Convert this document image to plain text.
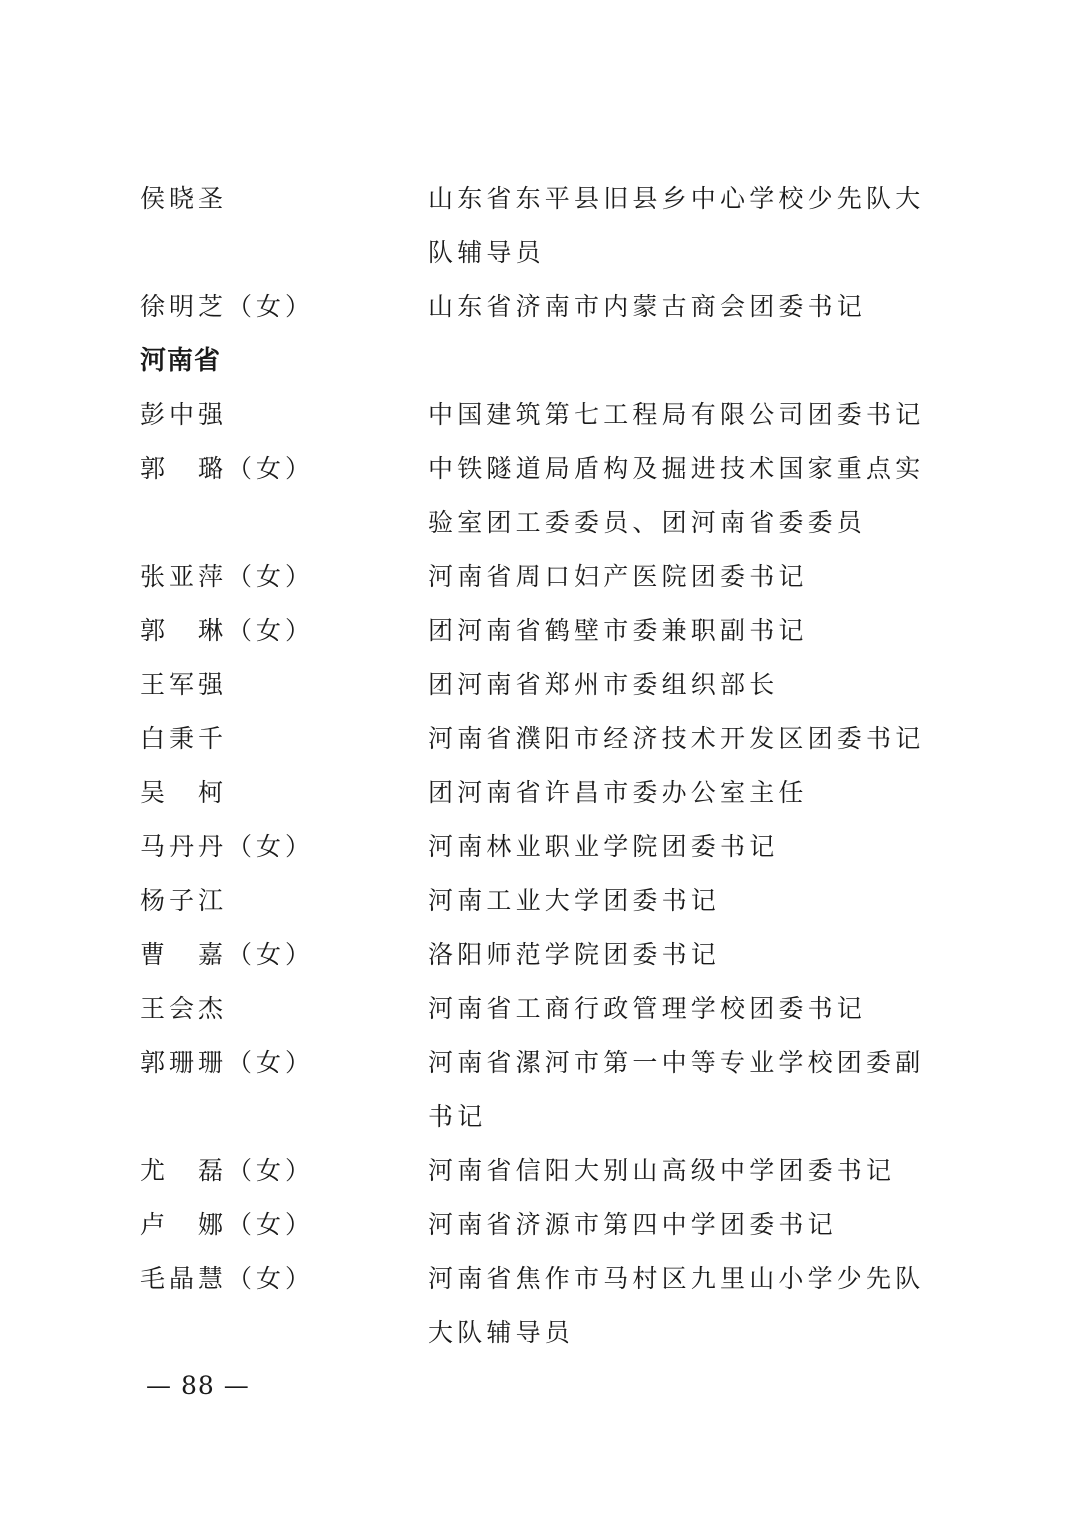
侯晓圣	山东省东平县旧县乡中心学校少先队大队辅导员
徐明芝（女）	山东省济南市内蒙古商会团委书记
河南省
彭中强	中国建筑第七工程局有限公司团委书记
郭　璐（女）	中铁隧道局盾构及掘进技术国家重点实验室团工委委员、团河南省委委员
张亚萍（女）	河南省周口妇产医院团委书记
郭　琳（女）	团河南省鹤壁市委兼职副书记
王军强	团河南省郑州市委组织部长
白秉千	河南省濮阳市经济技术开发区团委书记
吴　柯	团河南省许昌市委办公室主任
马丹丹（女）	河南林业职业学院团委书记
杨子江	河南工业大学团委书记
曹　嘉（女）	洛阳师范学院团委书记
王会杰	河南省工商行政管理学校团委书记
郭珊珊（女）	河南省漯河市第一中等专业学校团委副书记
尤　磊（女）	河南省信阳大别山高级中学团委书记
卢　娜（女）	河南省济源市第四中学团委书记
毛晶慧（女）	河南省焦作市马村区九里山小学少先队大队辅导员
— 88 —
